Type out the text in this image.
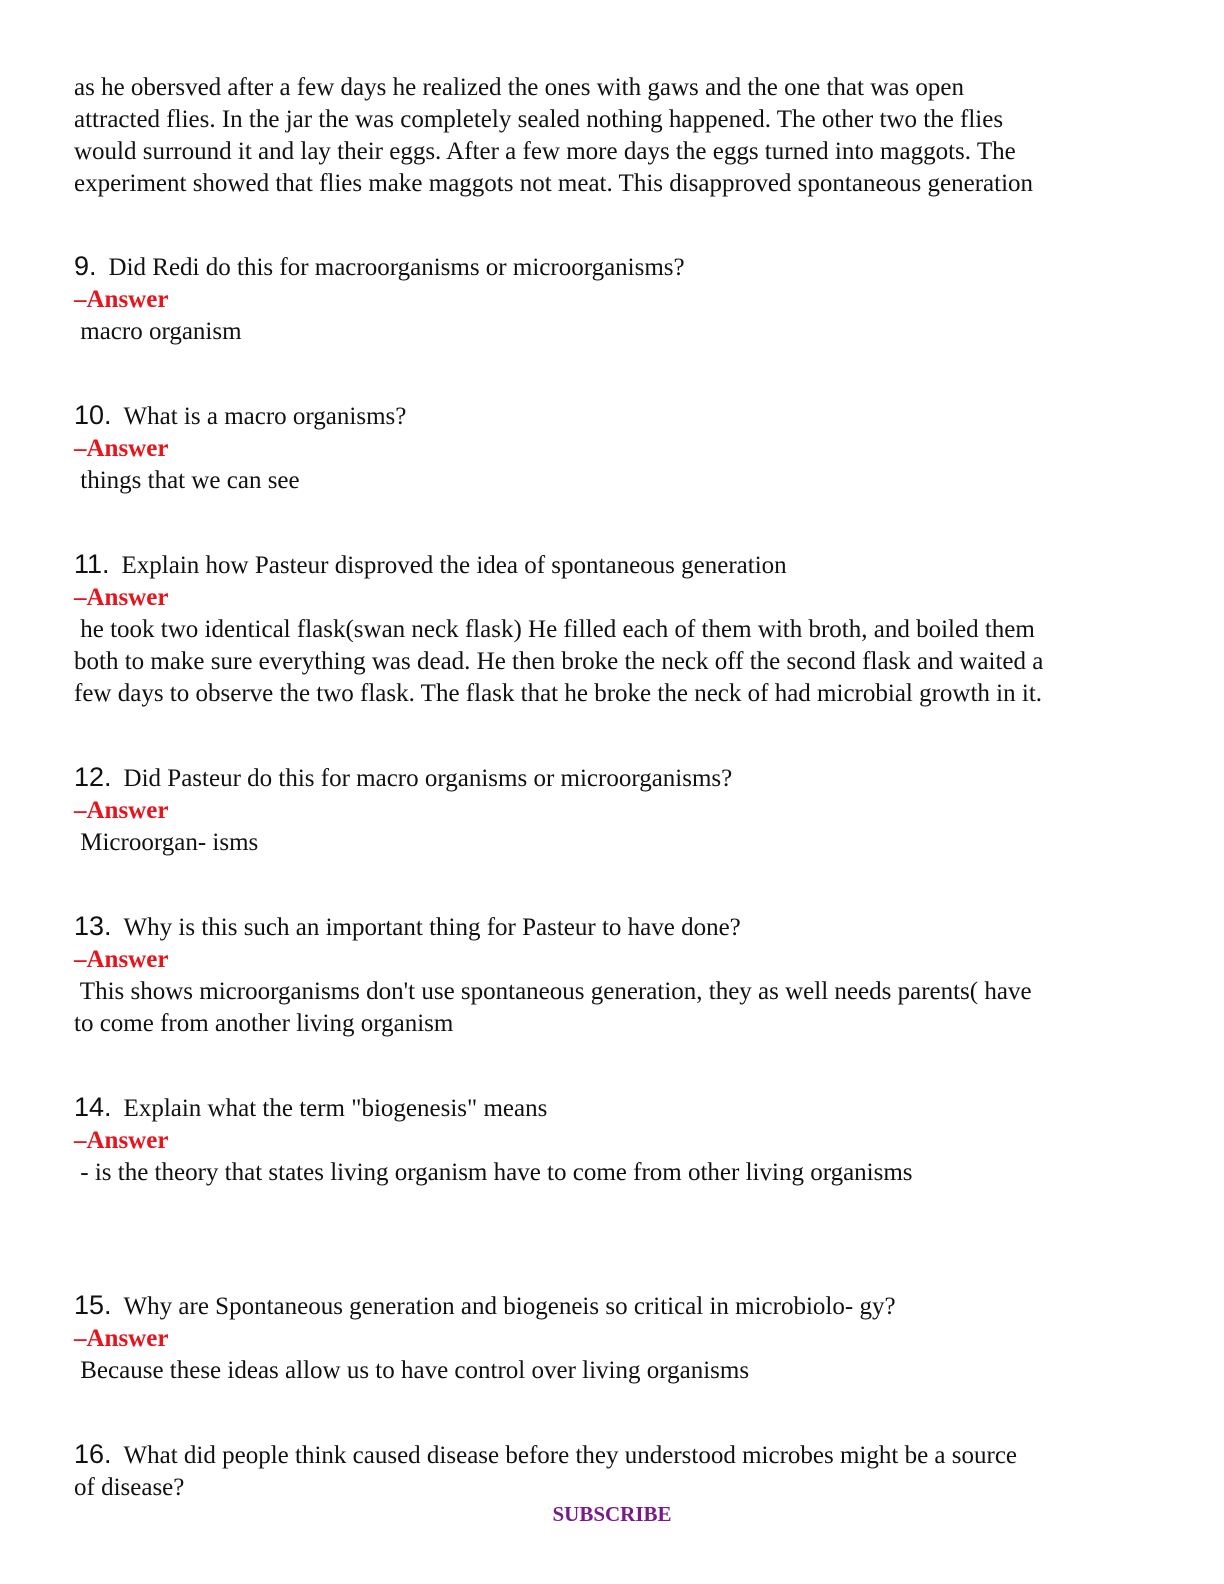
as he obersved after a few days he realized the ones with gaws and the one that was open
attracted flies. In the jar the was completely sealed nothing happened. The other two the flies
would surround it and lay their eggs. After a few more days the eggs turned into maggots. The
experiment showed that flies make maggots not meat. This disapproved spontaneous generation
9. Did Redi do this for macroorganisms or microorganisms?
–Answer
macro organism
10. What is a macro organisms?
–Answer
things that we can see
11. Explain how Pasteur disproved the idea of spontaneous generation
–Answer
he took two identical flask(swan neck flask) He filled each of them with broth, and boiled them
both to make sure everything was dead. He then broke the neck off the second flask and waited a
few days to observe the two flask. The flask that he broke the neck of had microbial growth in it.
12. Did Pasteur do this for macro organisms or microorganisms?
–Answer
Microorgan- isms
13. Why is this such an important thing for Pasteur to have done?
–Answer
This shows microorganisms don't use spontaneous generation, they as well needs parents( have
to come from another living organism
14. Explain what the term "biogenesis" means
–Answer
- is the theory that states living organism have to come from other living organisms
15. Why are Spontaneous generation and biogeneis so critical in microbiolo- gy?
–Answer
Because these ideas allow us to have control over living organisms
16. What did people think caused disease before they understood microbes might be a source
of disease?
SUBSCRIBE
